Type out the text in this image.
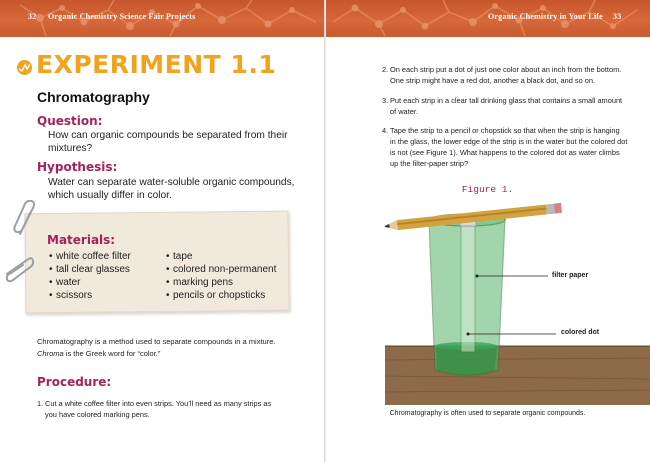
32 Organic Chemistry Science Fair Projects
EXPERIMENT 1.1
Chromatography
Question:
How can organic compounds be separated from their
mixtures?
Hypothesis:
Water can separate water-soluble organic compounds,
which usually differ in color.
Materials:
• white coffee filter
• tall clear glasses
• water
• scissors
• tape
• colored non-permanent
• marking pens
• pencils or chopsticks
Chromatography is a method used to separate compounds in a mixture.
Chroma is the Greek word for “color.”
Procedure:
1. Cut a white coffee filter into even strips. You’ll need as many strips as
you have colored marking pens.
Organic Chemistry in Your Life 33
2. On each strip put a dot of just one color about an inch from the bottom.
One strip might have a red dot, another a black dot, and so on.
3. Put each strip in a clear tall drinking glass that contains a small amount
of water.
4. Tape the strip to a pencil or chopstick so that when the strip is hanging
in the glass, the lower edge of the strip is in the water but the colored dot
is not (see Figure 1). What happens to the colored dot as water climbs
up the filter-paper strip?
Figure 1.
filter paper
colored dot
Chromatography is often used to separate organic compounds.
